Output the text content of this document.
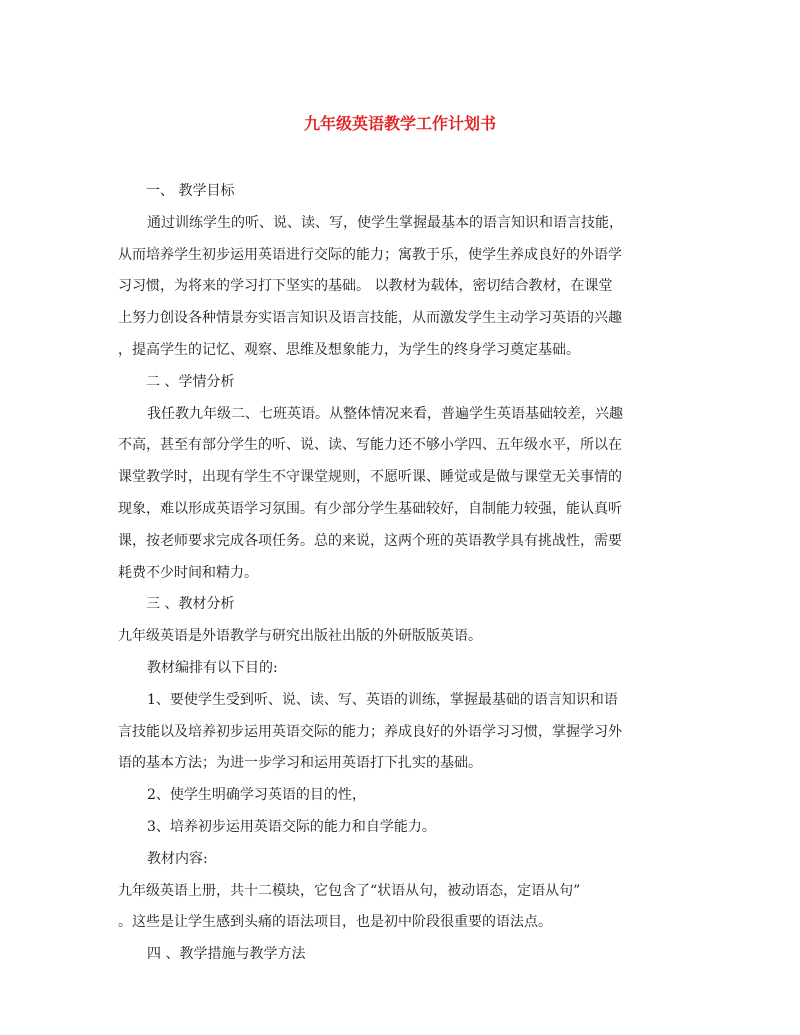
九年级英语教学工作计划书
一、 教学目标
通过训练学生的听、说、读、写，使学生掌握最基本的语言知识和语言技能，
从而培养学生初步运用英语进行交际的能力；寓教于乐，使学生养成良好的外语学
习习惯，为将来的学习打下坚实的基础。 以教材为载体，密切结合教材，在课堂
上努力创设各种情景夯实语言知识及语言技能，从而激发学生主动学习英语的兴趣
，提高学生的记忆、观察、思维及想象能力，为学生的终身学习奠定基础。
二 、学情分析
我任教九年级二、七班英语。从整体情况来看，普遍学生英语基础较差，兴趣
不高，甚至有部分学生的听、说、读、写能力还不够小学四、五年级水平，所以在
课堂教学时，出现有学生不守课堂规则，不愿听课、睡觉或是做与课堂无关事情的
现象，难以形成英语学习氛围。有少部分学生基础较好，自制能力较强，能认真听
课，按老师要求完成各项任务。总的来说，这两个班的英语教学具有挑战性，需要
耗费不少时间和精力。
三 、教材分析
九年级英语是外语教学与研究出版社出版的外研版版英语。
教材编排有以下目的:
1、要使学生受到听、说、读、写、英语的训练，掌握最基础的语言知识和语
言技能以及培养初步运用英语交际的能力；养成良好的外语学习习惯，掌握学习外
语的基本方法；为进一步学习和运用英语打下扎实的基础。
2、使学生明确学习英语的目的性，
3、培养初步运用英语交际的能力和自学能力。
教材内容:
九年级英语上册，共十二模块，它包含了“状语从句，被动语态，定语从句”
。这些是让学生感到头痛的语法项目，也是初中阶段很重要的语法点。
四 、教学措施与教学方法
